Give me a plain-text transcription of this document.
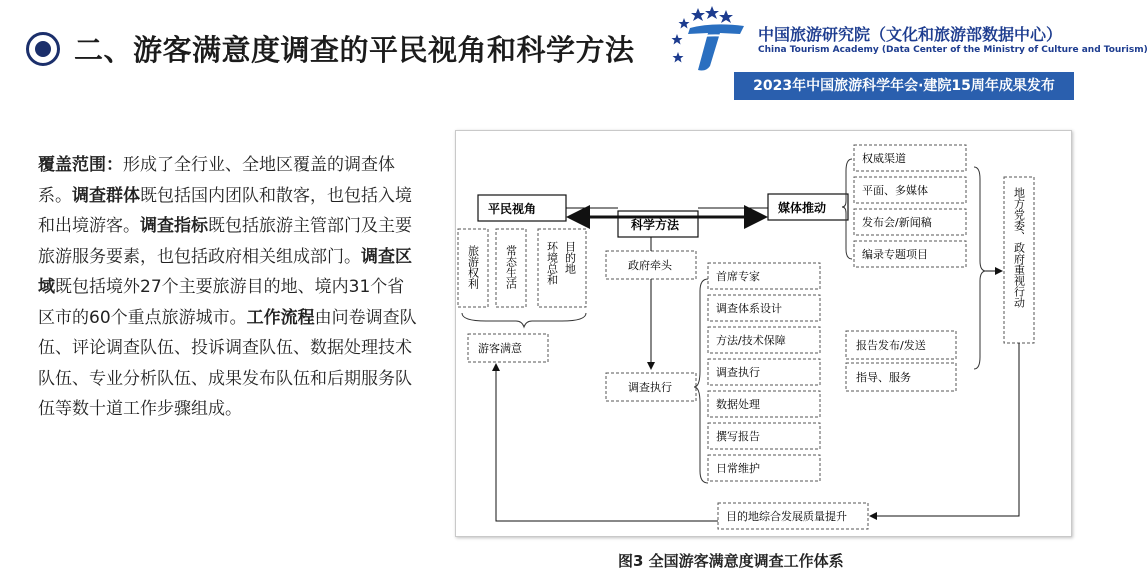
二、游客满意度调查的平民视角和科学方法	中国旅游研究院（文化和旅游部数据中心）
China Tourism Academy (Data Center of the Ministry of Culture and Tourism)
2023年中国旅游科学年会·建院15周年成果发布
覆盖范围：形成了全行业、全地区覆盖的调查体系。调查群体既包括国内团队和散客，也包括入境和出境游客。调查指标既包括旅游主管部门及主要旅游服务要素，也包括政府相关组成部门。调查区域既包括境外27个主要旅游目的地、境内31个省区市的60个重点旅游城市。工作流程由问卷调查队伍、评论调查队伍、投诉调查队伍、数据处理技术队伍、专业分析队伍、成果发布队伍和后期服务队伍等数十道工作步骤组成。
平民视角
科学方法
媒体推动
旅游权利 常态生活	环境总和 目的地
游客满意
政府牵头
调查执行
首席专家
调查体系设计
方法/技术保障
调查执行
数据处理
撰写报告
日常维护
权威渠道
平面、多媒体
发布会/新闻稿
编录专题项目
报告发布/发送
指导、服务
地方党委、政府重视行动
目的地综合发展质量提升
图3 全国游客满意度调查工作体系
